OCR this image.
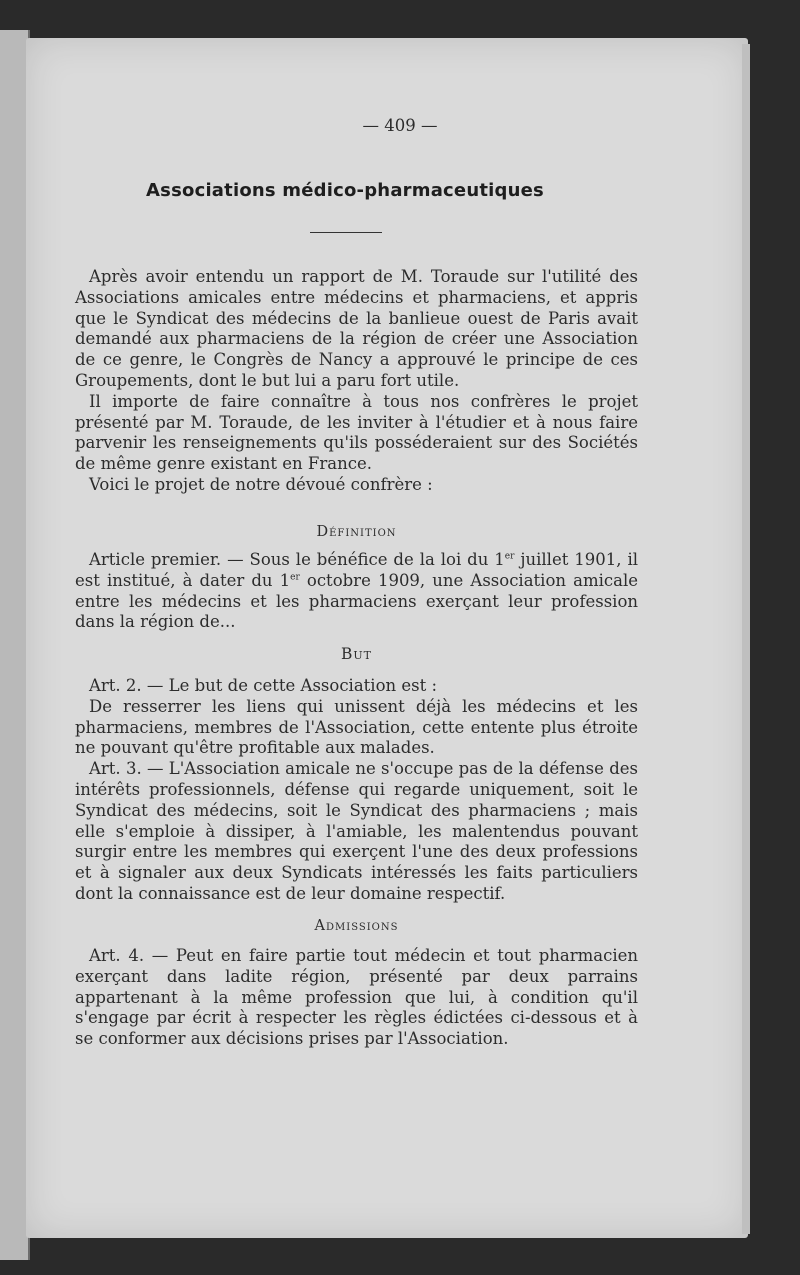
— 409 —
Associations médico-pharmaceutiques

Après avoir entendu un rapport de M. Toraude sur l'utilité des Associations amicales entre médecins et pharmaciens, et appris que le Syndicat des médecins de la banlieue ouest de Paris avait demandé aux pharmaciens de la région de créer une Association de ce genre, le Congrès de Nancy a approuvé le principe de ces Groupements, dont le but lui a paru fort utile.

Il importe de faire connaître à tous nos confrères le projet présenté par M. Toraude, de les inviter à l'étudier et à nous faire parvenir les renseignements qu'ils posséderaient sur des Sociétés de même genre existant en France.

Voici le projet de notre dévoué confrère :

Définition

Article premier. — Sous le bénéfice de la loi du 1er juillet 1901, il est institué, à dater du 1er octobre 1909, une Association amicale entre les médecins et les pharmaciens exerçant leur profession dans la région de...

But

Art. 2. — Le but de cette Association est :

De resserrer les liens qui unissent déjà les médecins et les pharmaciens, membres de l'Association, cette entente plus étroite ne pouvant qu'être profitable aux malades.

Art. 3. — L'Association amicale ne s'occupe pas de la défense des intérêts professionnels, défense qui regarde uniquement, soit le Syndicat des médecins, soit le Syndicat des pharmaciens ; mais elle s'emploie à dissiper, à l'amiable, les malentendus pouvant surgir entre les membres qui exerçent l'une des deux professions et à signaler aux deux Syndicats intéressés les faits particuliers dont la connaissance est de leur domaine respectif.

Admissions

Art. 4. — Peut en faire partie tout médecin et tout pharmacien exerçant dans ladite région, présenté par deux parrains appartenant à la même profession que lui, à condition qu'il s'engage par écrit à respecter les règles édictées ci-dessous et à se conformer aux décisions prises par l'Association.
